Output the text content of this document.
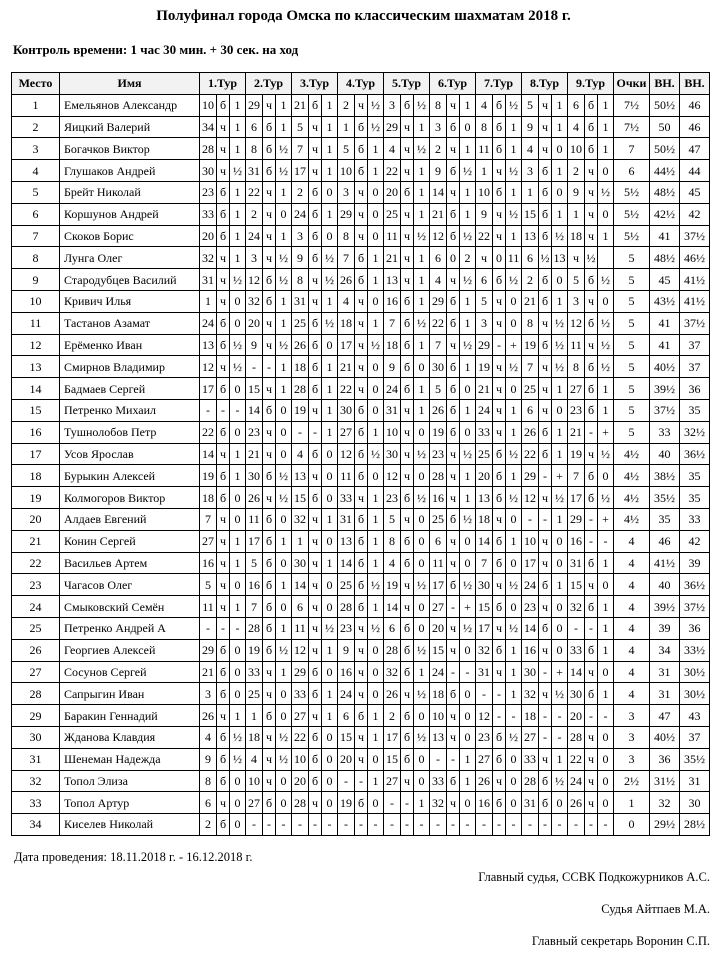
Полуфинал города Омска по классическим шахматам 2018 г.
Контроль времени: 1 час 30 мин. + 30 сек. на ход
Место	Имя	1.Тур			2.Тур			3.Тур			4.Тур			5.Тур			6.Тур			7.Тур			8.Тур			9.Тур			Очки	ВН.	ВН.
1	Емельянов Александр	10	б	1	29	ч	1	21	б	1	2	ч	½	3	б	½	8	ч	1	4	б	½	5	ч	1	6	б	1	7½	50½	46
2	Яицкий Валерий	34	ч	1	6	б	1	5	ч	1	1	б	½	29	ч	1	3	б	0	8	б	1	9	ч	1	4	б	1	7½	50	46
3	Богачков Виктор	28	ч	1	8	б	½	7	ч	1	5	б	1	4	ч	½	2	ч	1	11	б	1	4	ч	0	10	б	1	7	50½	47
4	Глушаков Андрей	30	ч	½	31	б	½	17	ч	1	10	б	1	22	ч	1	9	б	½	1	ч	½	3	б	1	2	ч	0	6	44½	44
5	Брейт Николай	23	б	1	22	ч	1	2	б	0	3	ч	0	20	б	1	14	ч	1	10	б	1	1	б	0	9	ч	½	5½	48½	45
6	Коршунов Андрей	33	б	1	2	ч	0	24	б	1	29	ч	0	25	ч	1	21	б	1	9	ч	½	15	б	1	1	ч	0	5½	42½	42
7	Скоков Борис	20	б	1	24	ч	1	3	б	0	8	ч	0	11	ч	½	12	б	½	22	ч	1	13	б	½	18	ч	1	5½	41	37½
8	Лунга Олег	32	ч	1	3	ч	½	9	б	½	7	б	1	21	ч	1	6	0	2	ч	0	11	6	½	13	ч	½		5	48½	46½
9	Стародубцев Василий	31	ч	½	12	б	½	8	ч	½	26	б	1	13	ч	1	4	ч	½	6	б	½	2	б	0	5	б	½	5	45	41½
10	Кривич Илья	1	ч	0	32	б	1	31	ч	1	4	ч	0	16	б	1	29	б	1	5	ч	0	21	б	1	3	ч	0	5	43½	41½
11	Тастанов Азамат	24	б	0	20	ч	1	25	б	½	18	ч	1	7	б	½	22	б	1	3	ч	0	8	ч	½	12	б	½	5	41	37½
12	Ерёменко Иван	13	б	½	9	ч	½	26	б	0	17	ч	½	18	б	1	7	ч	½	29	-	+	19	б	½	11	ч	½	5	41	37
13	Смирнов Владимир	12	ч	½	-	-	1	18	б	1	21	ч	0	9	б	0	30	б	1	19	ч	½	7	ч	½	8	б	½	5	40½	37
14	Бадмаев Сергей	17	б	0	15	ч	1	28	б	1	22	ч	0	24	б	1	5	б	0	21	ч	0	25	ч	1	27	б	1	5	39½	36
15	Петренко Михаил	-	-	-	14	б	0	19	ч	1	30	б	0	31	ч	1	26	б	1	24	ч	1	6	ч	0	23	б	1	5	37½	35
16	Тушнолобов Петр	22	б	0	23	ч	0	-	-	1	27	б	1	10	ч	0	19	б	0	33	ч	1	26	б	1	21	-	+	5	33	32½
17	Усов Ярослав	14	ч	1	21	ч	0	4	б	0	12	б	½	30	ч	½	23	ч	½	25	б	½	22	б	1	19	ч	½	4½	40	36½
18	Бурыкин Алексей	19	б	1	30	б	½	13	ч	0	11	б	0	12	ч	0	28	ч	1	20	б	1	29	-	+	7	б	0	4½	38½	35
19	Колмогоров Виктор	18	б	0	26	ч	½	15	б	0	33	ч	1	23	б	½	16	ч	1	13	б	½	12	ч	½	17	б	½	4½	35½	35
20	Алдаев Евгений	7	ч	0	11	б	0	32	ч	1	31	б	1	5	ч	0	25	б	½	18	ч	0	-	-	1	29	-	+	4½	35	33
21	Конин Сергей	27	ч	1	17	б	1	1	ч	0	13	б	1	8	б	0	6	ч	0	14	б	1	10	ч	0	16	-	-	4	46	42
22	Васильев Артем	16	ч	1	5	б	0	30	ч	1	14	б	1	4	б	0	11	ч	0	7	б	0	17	ч	0	31	б	1	4	41½	39
23	Чагасов Олег	5	ч	0	16	б	1	14	ч	0	25	б	½	19	ч	½	17	б	½	30	ч	½	24	б	1	15	ч	0	4	40	36½
24	Смыковский Семён	11	ч	1	7	б	0	6	ч	0	28	б	1	14	ч	0	27	-	+	15	б	0	23	ч	0	32	б	1	4	39½	37½
25	Петренко Андрей А	-	-	-	28	б	1	11	ч	½	23	ч	½	6	б	0	20	ч	½	17	ч	½	14	б	0	-	-	1	4	39	36
26	Георгиев Алексей	29	б	0	19	б	½	12	ч	1	9	ч	0	28	б	½	15	ч	0	32	б	1	16	ч	0	33	б	1	4	34	33½
27	Сосунов Сергей	21	б	0	33	ч	1	29	б	0	16	ч	0	32	б	1	24	-	-	31	ч	1	30	-	+	14	ч	0	4	31	30½
28	Сапрыгин Иван	3	б	0	25	ч	0	33	б	1	24	ч	0	26	ч	½	18	б	0	-	-	1	32	ч	½	30	б	1	4	31	30½
29	Баракин Геннадий	26	ч	1	1	б	0	27	ч	1	6	б	1	2	б	0	10	ч	0	12	-	-	18	-	-	20	-	-	3	47	43
30	Жданова Клавдия	4	б	½	18	ч	½	22	б	0	15	ч	1	17	б	½	13	ч	0	23	б	½	27	-	-	28	ч	0	3	40½	37
31	Шенеман Надежда	9	б	½	4	ч	½	10	б	0	20	ч	0	15	б	0	-	-	1	27	б	0	33	ч	1	22	ч	0	3	36	35½
32	Топол Элиза	8	б	0	10	ч	0	20	б	0	-	-	1	27	ч	0	33	б	1	26	ч	0	28	б	½	24	ч	0	2½	31½	31
33	Топол Артур	6	ч	0	27	б	0	28	ч	0	19	б	0	-	-	1	32	ч	0	16	б	0	31	б	0	26	ч	0	1	32	30
34	Киселев Николай	2	б	0	-	-	-	-	-	-	-	-	-	-	-	-	-	-	-	-	-	-	-	-	-	-	-	-	0	29½	28½
Дата проведения: 18.11.2018 г. - 16.12.2018 г.
Главный судья, ССВК Подкожурников А.С.
Судья Айтпаев М.А.
Главный секретарь Воронин С.П.
